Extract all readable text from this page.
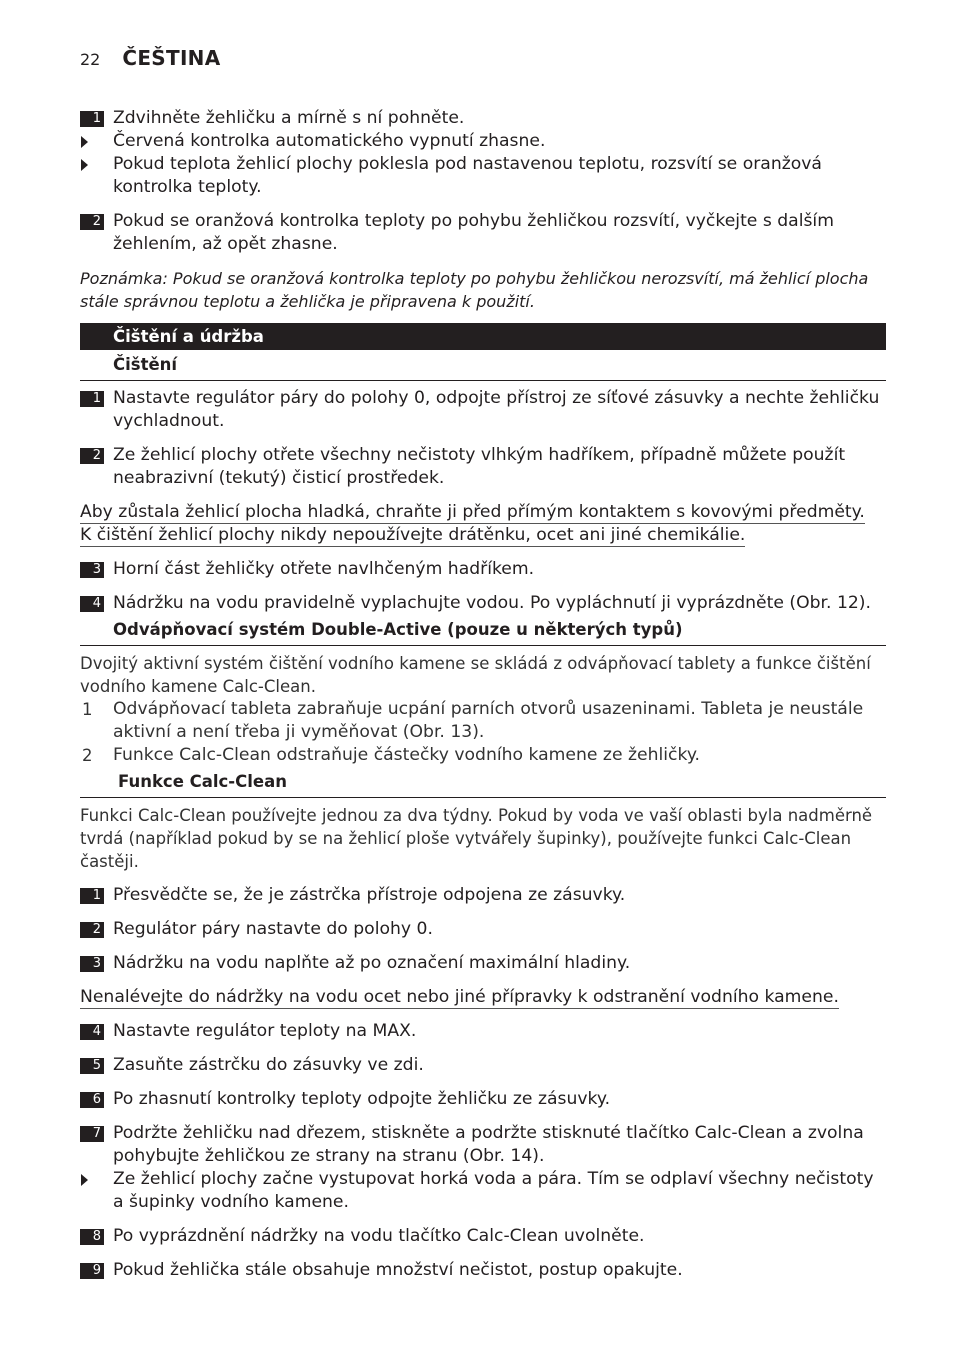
22 ČEŠTINA
1 Zdvihněte žehličku a mírně s ní pohněte.
Červená kontrolka automatického vypnutí zhasne.
Pokud teplota žehlicí plochy poklesla pod nastavenou teplotu, rozsvítí se oranžová kontrolka teploty.
2 Pokud se oranžová kontrolka teploty po pohybu žehličkou rozsvítí, vyčkejte s dalším žehlením, až opět zhasne.
Poznámka: Pokud se oranžová kontrolka teploty po pohybu žehličkou nerozsvítí, má žehlicí plocha stále správnou teplotu a žehlička je připravena k použití.
Čištění a údržba
Čištění
1 Nastavte regulátor páry do polohy 0, odpojte přístroj ze síťové zásuvky a nechte žehličku vychladnout.
2 Ze žehlicí plochy otřete všechny nečistoty vlhkým hadříkem, případně můžete použít neabrazivní (tekutý) čisticí prostředek.
Aby zůstala žehlicí plocha hladká, chraňte ji před přímým kontaktem s kovovými předměty.
K čištění žehlicí plochy nikdy nepoužívejte drátěnku, ocet ani jiné chemikálie.
3 Horní část žehličky otřete navlhčeným hadříkem.
4 Nádržku na vodu pravidelně vyplachujte vodou. Po vypláchnutí ji vyprázdněte (Obr. 12).
Odvápňovací systém Double-Active (pouze u některých typů)
Dvojitý aktivní systém čištění vodního kamene se skládá z odvápňovací tablety a funkce čištění vodního kamene Calc-Clean.
1 Odvápňovací tableta zabraňuje ucpání parních otvorů usazeninami. Tableta je neustále aktivní a není třeba ji vyměňovat (Obr. 13).
2 Funkce Calc-Clean odstraňuje částečky vodního kamene ze žehličky.
Funkce Calc-Clean
Funkci Calc-Clean používejte jednou za dva týdny. Pokud by voda ve vaší oblasti byla nadměrně tvrdá (například pokud by se na žehlicí ploše vytvářely šupinky), používejte funkci Calc-Clean častěji.
1 Přesvědčte se, že je zástrčka přístroje odpojena ze zásuvky.
2 Regulátor páry nastavte do polohy 0.
3 Nádržku na vodu naplňte až po označení maximální hladiny.
Nenalévejte do nádržky na vodu ocet nebo jiné přípravky k odstranění vodního kamene.
4 Nastavte regulátor teploty na MAX.
5 Zasuňte zástrčku do zásuvky ve zdi.
6 Po zhasnutí kontrolky teploty odpojte žehličku ze zásuvky.
7 Podržte žehličku nad dřezem, stiskněte a podržte stisknuté tlačítko Calc-Clean a zvolna pohybujte žehličkou ze strany na stranu (Obr. 14).
Ze žehlicí plochy začne vystupovat horká voda a pára. Tím se odplaví všechny nečistoty a šupinky vodního kamene.
8 Po vyprázdnění nádržky na vodu tlačítko Calc-Clean uvolněte.
9 Pokud žehlička stále obsahuje množství nečistot, postup opakujte.
